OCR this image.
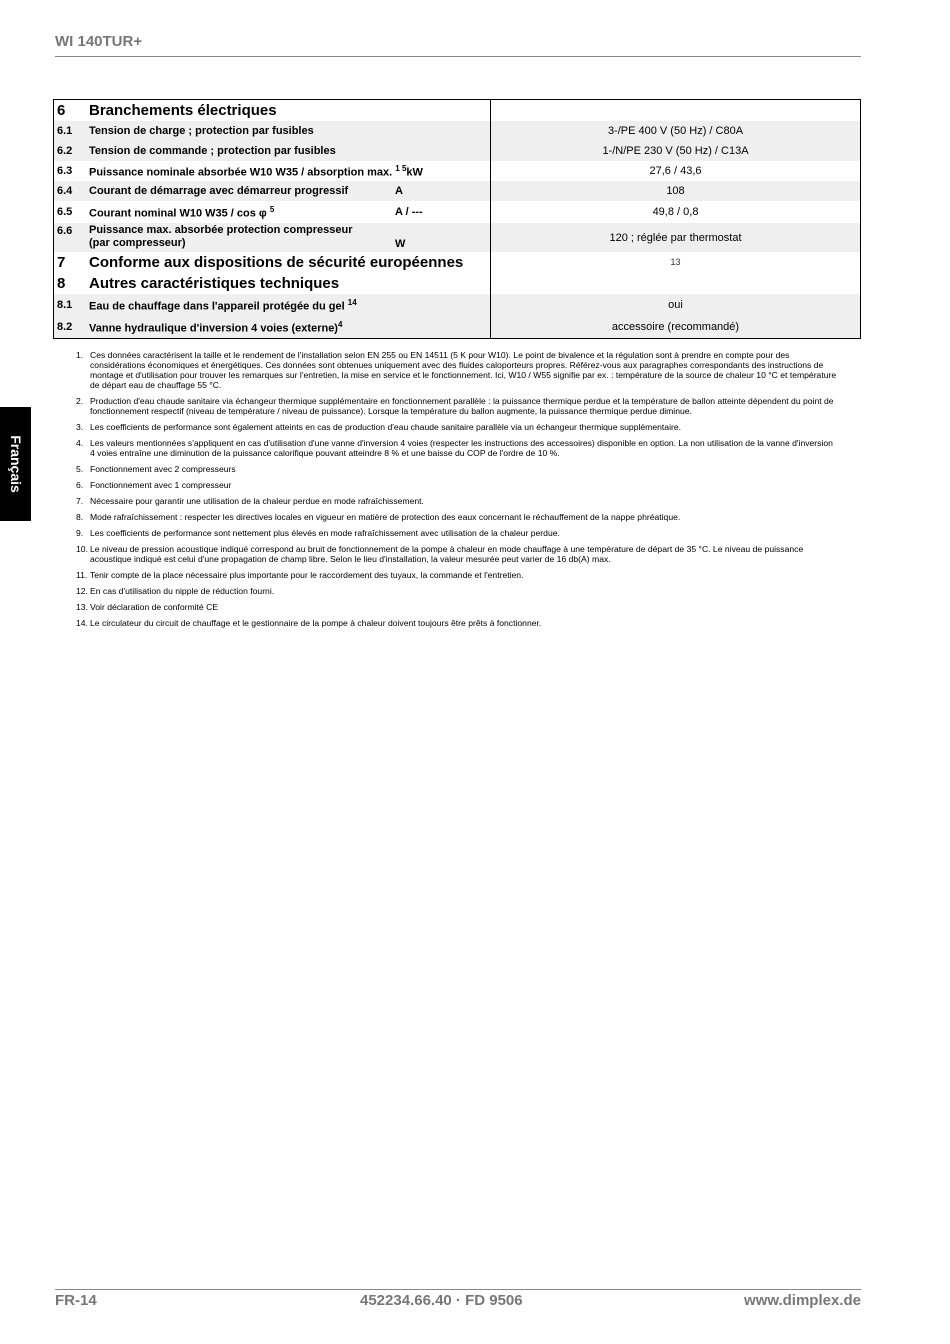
WI 140TUR+
Français
6	Branchements électriques		
6.1	Tension de charge ; protection par fusibles		3-/PE 400 V (50 Hz) / C80A
6.2	Tension de commande ; protection par fusibles		1-/N/PE 230 V (50 Hz) / C13A
6.3	Puissance nominale absorbée W10 W35 / absorption max. $^{1 5}$kW		27,6 / 43,6
6.4	Courant de démarrage avec démarreur progressif	A	108
6.5	Courant nominal W10 W35 / cos φ $^5$	A / ---	49,8 / 0,8
6.6	Puissance max. absorbée protection compresseur
(par compresseur)	W	120 ; réglée par thermostat
7	Conforme aux dispositions de sécurité européennes		13
8	Autres caractéristiques techniques		
8.1	Eau de chauffage dans l'appareil protégée du gel $^{14}$		oui
8.2	Vanne hydraulique d'inversion 4 voies (externe)$^4$		accessoire (recommandé)
1. Ces données caractérisent la taille et le rendement de l'installation selon EN 255 ou EN 14511 (5 K pour W10). Le point de bivalence et la régulation sont à prendre en compte pour des considérations économiques et énergétiques. Ces données sont obtenues uniquement avec des fluides caloporteurs propres. Référez-vous aux paragraphes correspondants des instructions de montage et d'utilisation pour trouver les remarques sur l'entretien, la mise en service et le fonctionnement. Ici, W10 / W55 signifie par ex. : température de la source de chaleur 10 °C et température de départ eau de chauffage 55 °C.
2. Production d'eau chaude sanitaire via échangeur thermique supplémentaire en fonctionnement parallèle : la puissance thermique perdue et la température de ballon atteinte dépendent du point de fonctionnement respectif (niveau de température / niveau de puissance). Lorsque la température du ballon augmente, la puissance thermique perdue diminue.
3. Les coefficients de performance sont également atteints en cas de production d'eau chaude sanitaire parallèle via un échangeur thermique supplémentaire.
4. Les valeurs mentionnées s'appliquent en cas d'utilisation d'une vanne d'inversion 4 voies (respecter les instructions des accessoires) disponible en option. La non utilisation de la vanne d'inversion 4 voies entraîne une diminution de la puissance calorifique pouvant atteindre 8 % et une baisse du COP de l'ordre de 10 %.
5. Fonctionnement avec 2 compresseurs
6. Fonctionnement avec 1 compresseur
7. Nécessaire pour garantir une utilisation de la chaleur perdue en mode rafraîchissement.
8. Mode rafraîchissement : respecter les directives locales en vigueur en matière de protection des eaux concernant le réchauffement de la nappe phréatique.
9. Les coefficients de performance sont nettement plus élevés en mode rafraîchissement avec utilisation de la chaleur perdue.
10. Le niveau de pression acoustique indiqué correspond au bruit de fonctionnement de la pompe à chaleur en mode chauffage à une température de départ de 35 °C. Le niveau de puissance acoustique indiqué est celui d'une propagation de champ libre. Selon le lieu d'installation, la valeur mesurée peut varier de 16 db(A) max.
11. Tenir compte de la place nécessaire plus importante pour le raccordement des tuyaux, la commande et l'entretien.
12. En cas d'utilisation du nipple de réduction fourni.
13. Voir déclaration de conformité CE
14. Le circulateur du circuit de chauffage et le gestionnaire de la pompe à chaleur doivent toujours être prêts à fonctionner.
FR-14	452234.66.40 · FD 9506	www.dimplex.de
